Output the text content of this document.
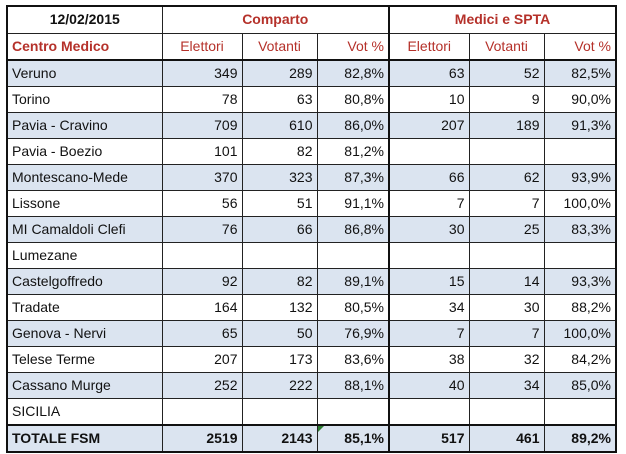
12/02/2015	Comparto			Medici e SPTA		
Centro Medico	Elettori	Votanti	Vot %	Elettori	Votanti	Vot %
Veruno	349	289	82,8%	63	52	82,5%
Torino	78	63	80,8%	10	9	90,0%
Pavia - Cravino	709	610	86,0%	207	189	91,3%
Pavia - Boezio	101	82	81,2%			
Montescano-Mede	370	323	87,3%	66	62	93,9%
Lissone	56	51	91,1%	7	7	100,0%
MI Camaldoli Clefi	76	66	86,8%	30	25	83,3%
Lumezane						
Castelgoffredo	92	82	89,1%	15	14	93,3%
Tradate	164	132	80,5%	34	30	88,2%
Genova - Nervi	65	50	76,9%	7	7	100,0%
Telese Terme	207	173	83,6%	38	32	84,2%
Cassano Murge	252	222	88,1%	40	34	85,0%
SICILIA						
TOTALE FSM	2519	2143	85,1%	517	461	89,2%
